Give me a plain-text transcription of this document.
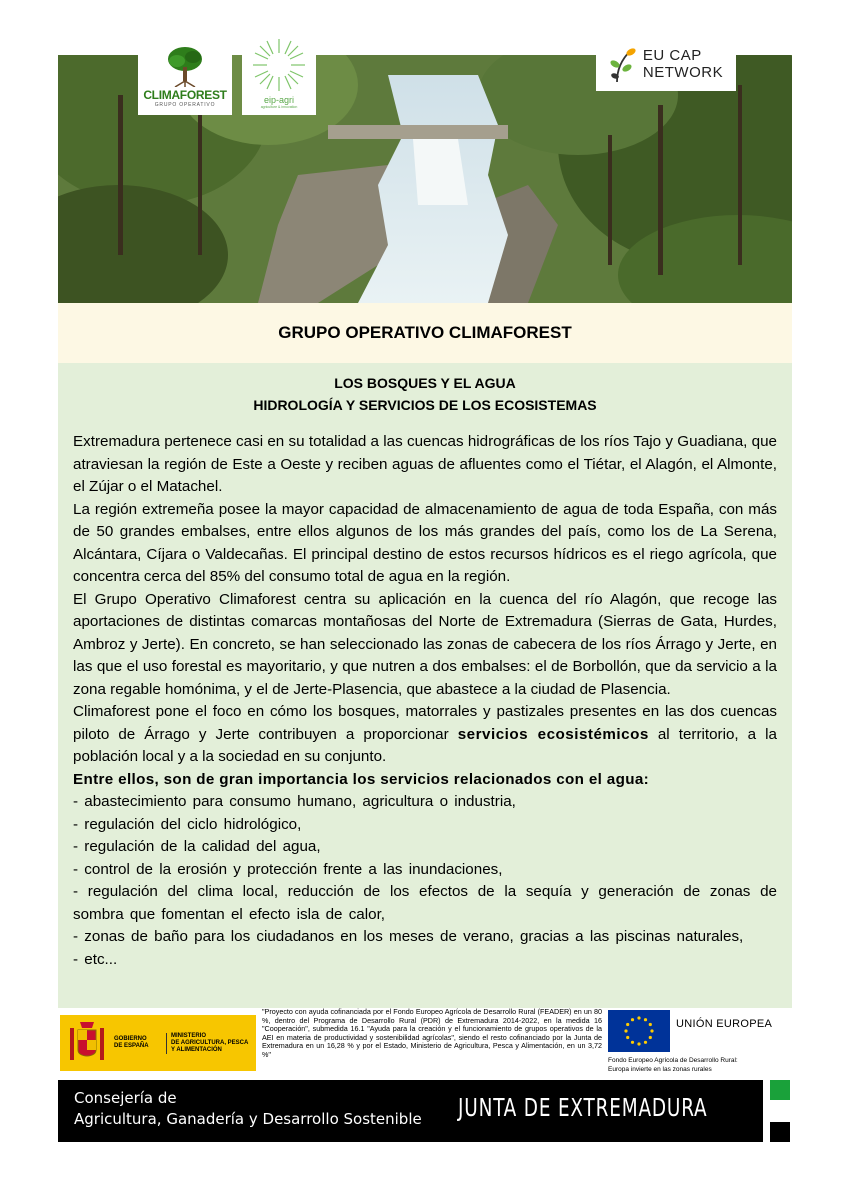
CLIMAFOREST
GRUPO OPERATIVO	eip-agri
agriculture & innovation
EU CAP
NETWORK
GRUPO OPERATIVO CLIMAFOREST
LOS BOSQUES Y EL AGUA
HIDROLOGÍA Y SERVICIOS DE LOS ECOSISTEMAS

Extremadura pertenece casi en su totalidad a las cuencas hidrográficas de los ríos Tajo y Guadiana, que atraviesan la región de Este a Oeste y reciben aguas de afluentes como el Tiétar, el Alagón, el Almonte, el Zújar o el Matachel.

La región extremeña posee la mayor capacidad de almacenamiento de agua de toda España, con más de 50 grandes embalses, entre ellos algunos de los más grandes del país, como los de La Serena, Alcántara, Cíjara o Valdecañas. El principal destino de estos recursos hídricos es el riego agrícola, que concentra cerca del 85% del consumo total de agua en la región.

El Grupo Operativo Climaforest centra su aplicación en la cuenca del río Alagón, que recoge las aportaciones de distintas comarcas montañosas del Norte de Extremadura (Sierras de Gata, Hurdes, Ambroz y Jerte). En concreto, se han seleccionado las zonas de cabecera de los ríos Árrago y Jerte, en las que el uso forestal es mayoritario, y que nutren a dos embalses: el de Borbollón, que da servicio a la zona regable homónima, y el de Jerte-Plasencia, que abastece a la ciudad de Plasencia.

Climaforest pone el foco en cómo los bosques, matorrales y pastizales presentes en las dos cuencas piloto de Árrago y Jerte contribuyen a proporcionar servicios ecosistémicos al territorio, a la población local y a la sociedad en su conjunto.

Entre ellos, son de gran importancia los servicios relacionados con el agua:

- abastecimiento para consumo humano, agricultura o industria,
- regulación del ciclo hidrológico,
- regulación de la calidad del agua,
- control de la erosión y protección frente a las inundaciones,
- regulación del clima local, reducción de los efectos de la sequía y generación de zonas de sombra que fomentan el efecto isla de calor,
- zonas de baño para los ciudadanos en los meses de verano, gracias a las piscinas naturales,
- etc...
GOBIERNO
DE ESPAÑA
MINISTERIO
DE AGRICULTURA, PESCA
Y ALIMENTACIÓN
"Proyecto con ayuda cofinanciada por el Fondo Europeo Agrícola de Desarrollo Rural (FEADER) en un 80 %, dentro del Programa de Desarrollo Rural (PDR) de Extremadura 2014-2022, en la medida 16 "Cooperación", submedida 16.1 "Ayuda para la creación y el funcionamiento de grupos operativos de la AEI en materia de productividad y sostenibilidad agrícolas", siendo el resto cofinanciado por la Junta de Extremadura en un 16,28 % y por el Estado, Ministerio de Agricultura, Pesca y Alimentación, en un 3,72 %"
UNIÓN EUROPEA
Fondo Europeo Agrícola de Desarrollo Rural:
Europa invierte en las zonas rurales
Consejería de
Agricultura, Ganadería y Desarrollo Sostenible JUNTA DE EXTREMADURA
